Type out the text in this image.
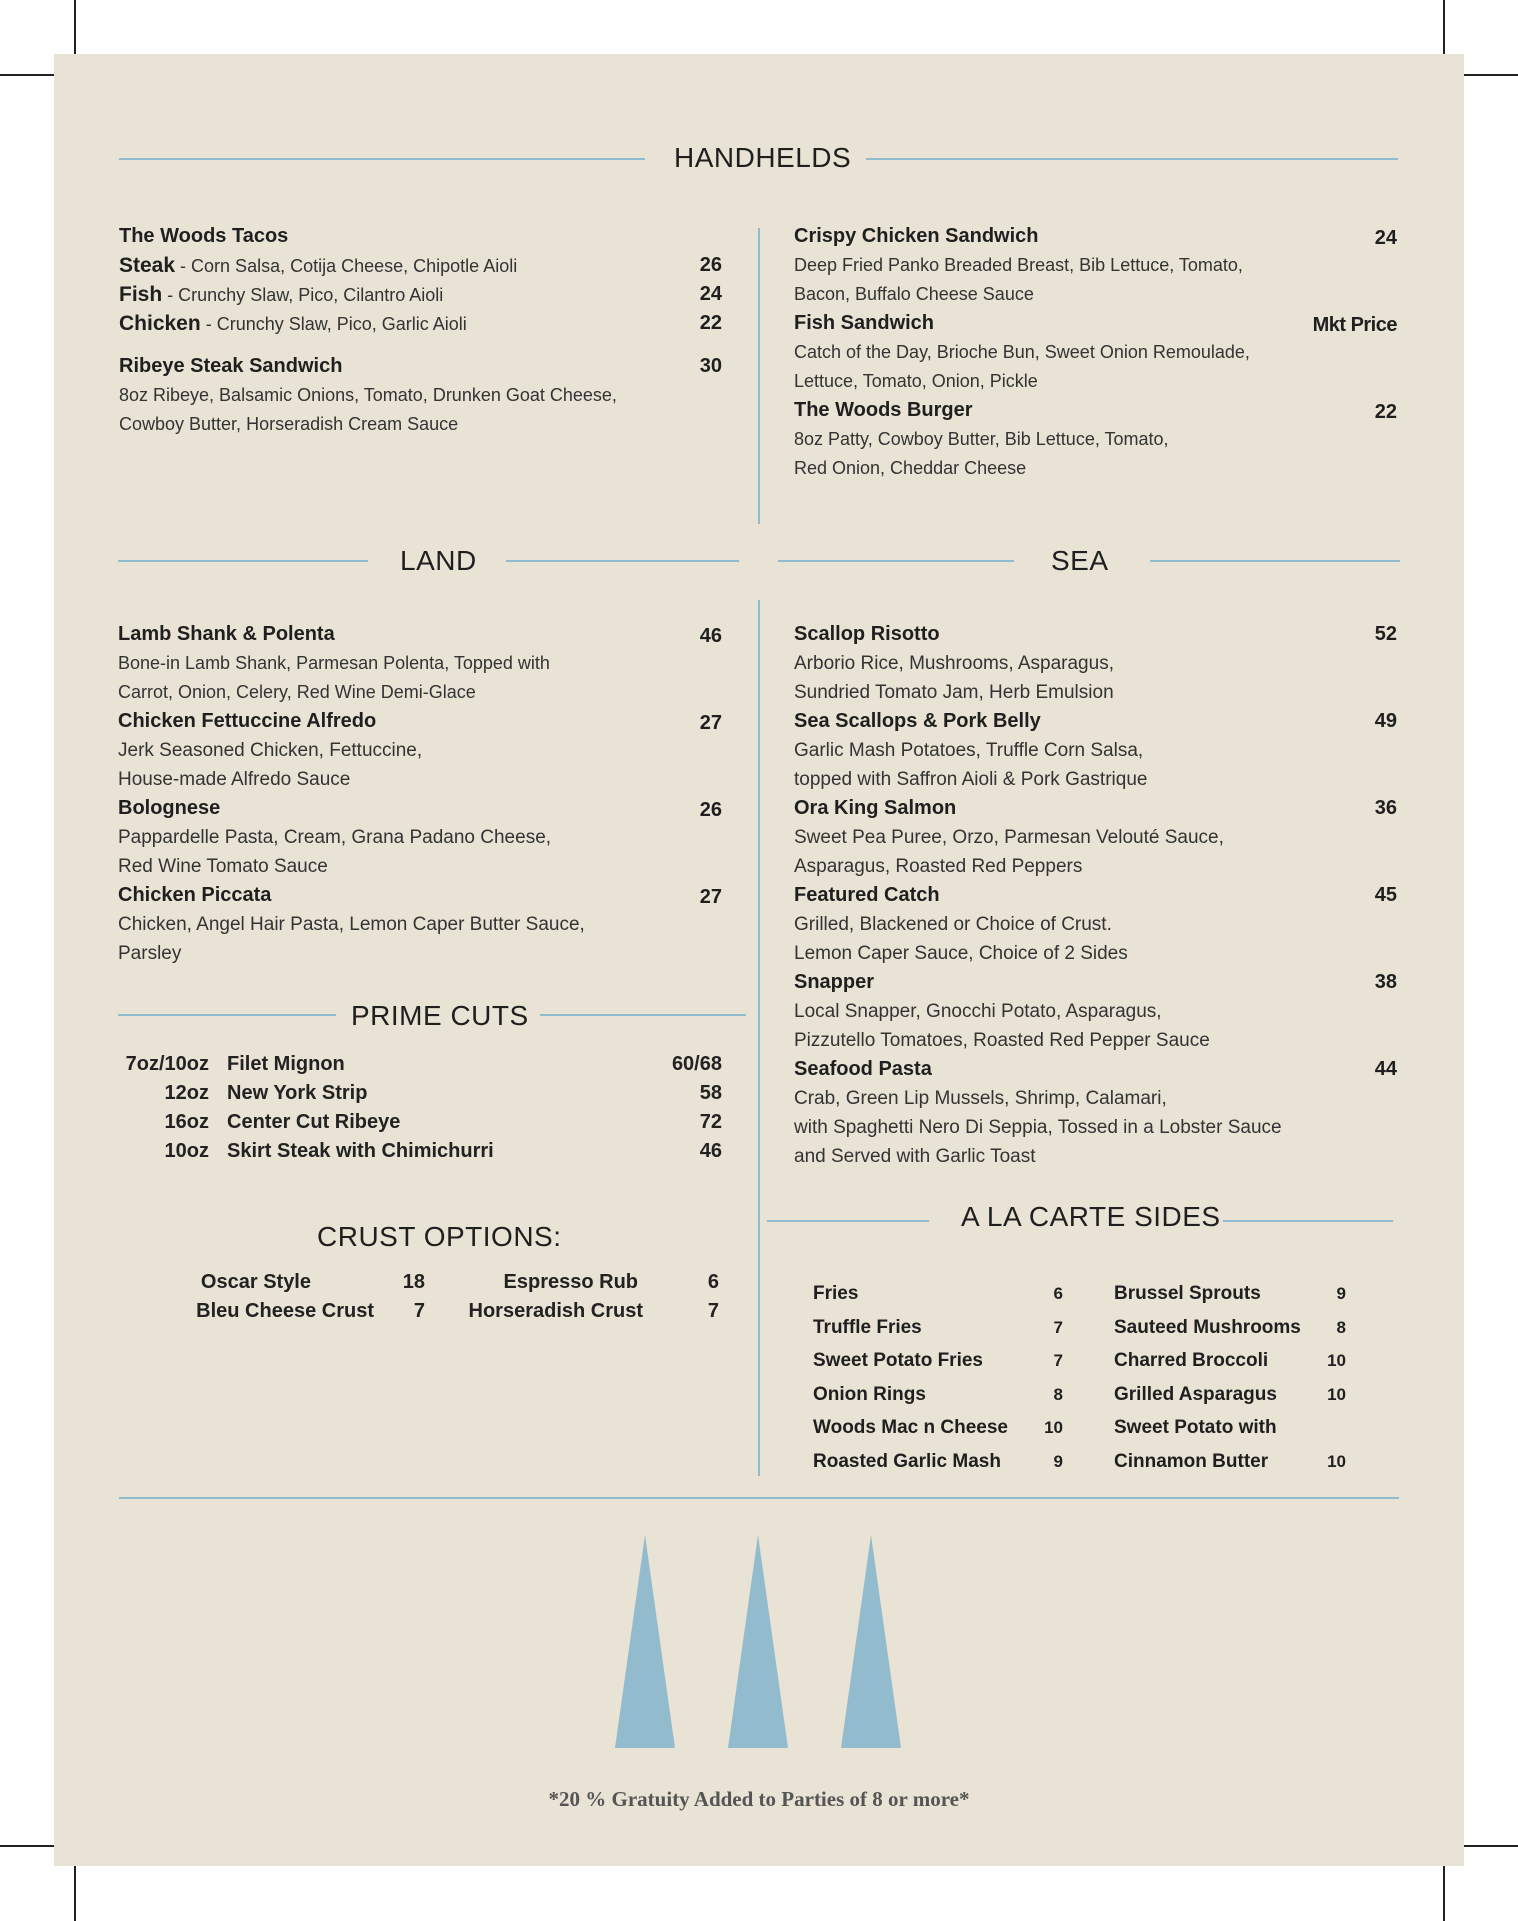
HANDHELDS
The Woods Tacos
Steak - Corn Salsa, Cotija Cheese, Chipotle Aioli	26
Fish - Crunchy Slaw, Pico, Cilantro Aioli	24
Chicken - Crunchy Slaw, Pico, Garlic Aioli	22
Ribeye Steak Sandwich	30
8oz Ribeye, Balsamic Onions, Tomato, Drunken Goat Cheese,
Cowboy Butter, Horseradish Cream Sauce
Crispy Chicken Sandwich	24
Deep Fried Panko Breaded Breast, Bib Lettuce, Tomato,
Bacon, Buffalo Cheese Sauce
Fish Sandwich	Mkt Price
Catch of the Day, Brioche Bun, Sweet Onion Remoulade,
Lettuce, Tomato, Onion, Pickle
The Woods Burger	22
8oz Patty, Cowboy Butter, Bib Lettuce, Tomato,
Red Onion, Cheddar Cheese
LAND	SEA
Lamb Shank & Polenta	46
Bone-in Lamb Shank, Parmesan Polenta, Topped with
Carrot, Onion, Celery, Red Wine Demi-Glace
Chicken Fettuccine Alfredo	27
Jerk Seasoned Chicken, Fettuccine,
House-made Alfredo Sauce
Bolognese	26
Pappardelle Pasta, Cream, Grana Padano Cheese,
Red Wine Tomato Sauce
Chicken Piccata	27
Chicken, Angel Hair Pasta, Lemon Caper Butter Sauce,
Parsley
PRIME CUTS
7oz/10oz Filet Mignon	60/68
12oz New York Strip	58
16oz Center Cut Ribeye	72
10oz Skirt Steak with Chimichurri	46
CRUST OPTIONS:
Oscar Style	18	Espresso Rub	6
Bleu Cheese Crust 7 Horseradish Crust	7
Scallop Risotto	52
Arborio Rice, Mushrooms, Asparagus,
Sundried Tomato Jam, Herb Emulsion
Sea Scallops & Pork Belly	49
Garlic Mash Potatoes, Truffle Corn Salsa,
topped with Saffron Aioli & Pork Gastrique
Ora King Salmon	36
Sweet Pea Puree, Orzo, Parmesan Velouté Sauce,
Asparagus, Roasted Red Peppers
Featured Catch	45
Grilled, Blackened or Choice of Crust.
Lemon Caper Sauce, Choice of 2 Sides
Snapper	38
Local Snapper, Gnocchi Potato, Asparagus,
Pizzutello Tomatoes, Roasted Red Pepper Sauce
Seafood Pasta	44
Crab, Green Lip Mussels, Shrimp, Calamari,
with Spaghetti Nero Di Seppia, Tossed in a Lobster Sauce
and Served with Garlic Toast
A LA CARTE SIDES
Fries	6
Truffle Fries	7
Sweet Potato Fries	7
Onion Rings	8
Woods Mac n Cheese 10
Roasted Garlic Mash	9
Brussel Sprouts	9
Sauteed Mushrooms 8
Charred Broccoli	10
Grilled Asparagus	10
Sweet Potato with
Cinnamon Butter	10
*20 % Gratuity Added to Parties of 8 or more*
